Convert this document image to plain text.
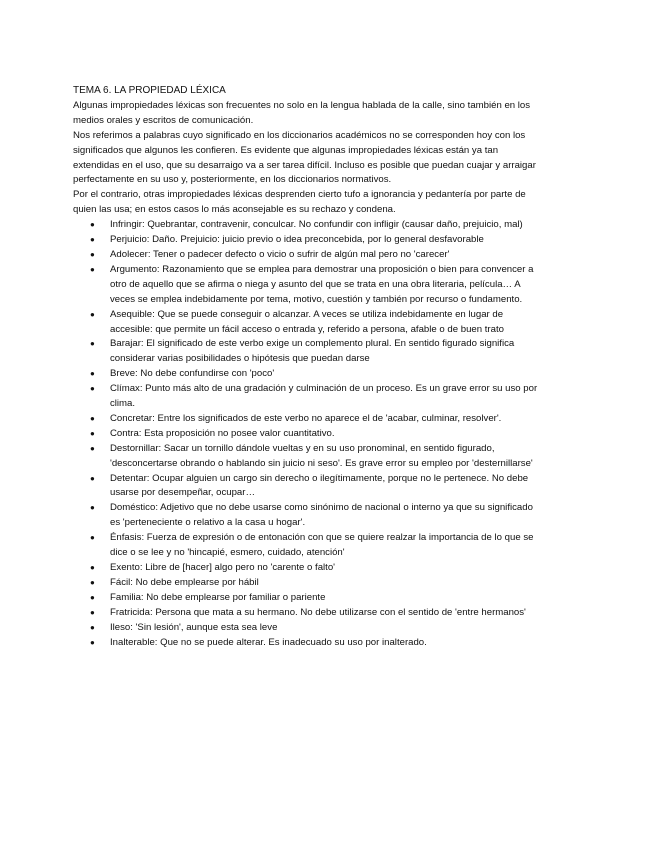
TEMA 6. LA PROPIEDAD LÉXICA

Algunas impropiedades léxicas son frecuentes no solo en la lengua hablada de la calle, sino también en los medios orales y escritos de comunicación.

Nos referimos a palabras cuyo significado en los diccionarios académicos no se corresponden hoy con los significados que algunos les confieren. Es evidente que algunas impropiedades léxicas están ya tan extendidas en el uso, que su desarraigo va a ser tarea difícil. Incluso es posible que puedan cuajar y arraigar perfectamente en su uso y, posteriormente, en los diccionarios normativos.

Por el contrario, otras impropiedades léxicas desprenden cierto tufo a ignorancia y pedantería por parte de quien las usa; en estos casos lo más aconsejable es su rechazo y condena.

● Infringir: Quebrantar, contravenir, conculcar. No confundir con infligir (causar daño, prejuicio, mal)
● Perjuicio: Daño. Prejuicio: juicio previo o idea preconcebida, por lo general desfavorable
● Adolecer: Tener o padecer defecto o vicio o sufrir de algún mal pero no 'carecer'
● Argumento: Razonamiento que se emplea para demostrar una proposición o bien para convencer a otro de aquello que se afirma o niega y asunto del que se trata en una obra literaria, película… A veces se emplea indebidamente por tema, motivo, cuestión y también por recurso o fundamento.
● Asequible: Que se puede conseguir o alcanzar. A veces se utiliza indebidamente en lugar de accesible: que permite un fácil acceso o entrada y, referido a persona, afable o de buen trato
● Barajar: El significado de este verbo exige un complemento plural. En sentido figurado significa considerar varias posibilidades o hipótesis que puedan darse
● Breve: No debe confundirse con 'poco'
● Clímax: Punto más alto de una gradación y culminación de un proceso. Es un grave error su uso por clima.
● Concretar: Entre los significados de este verbo no aparece el de 'acabar, culminar, resolver'.
● Contra: Esta proposición no posee valor cuantitativo.
● Destornillar: Sacar un tornillo dándole vueltas y en su uso pronominal, en sentido figurado, 'desconcertarse obrando o hablando sin juicio ni seso'. Es grave error su empleo por 'desternillarse'
● Detentar: Ocupar alguien un cargo sin derecho o ilegítimamente, porque no le pertenece. No debe usarse por desempeñar, ocupar…
● Doméstico: Adjetivo que no debe usarse como sinónimo de nacional o interno ya que su significado es 'perteneciente o relativo a la casa u hogar'.
● Énfasis: Fuerza de expresión o de entonación con que se quiere realzar la importancia de lo que se dice o se lee y no 'hincapié, esmero, cuidado, atención'
● Exento: Libre de [hacer] algo pero no 'carente o falto'
● Fácil: No debe emplearse por hábil
● Familia: No debe emplearse por familiar o pariente
● Fratricida: Persona que mata a su hermano. No debe utilizarse con el sentido de 'entre hermanos'
● Ileso: 'Sin lesión', aunque esta sea leve
● Inalterable: Que no se puede alterar. Es inadecuado su uso por inalterado.
